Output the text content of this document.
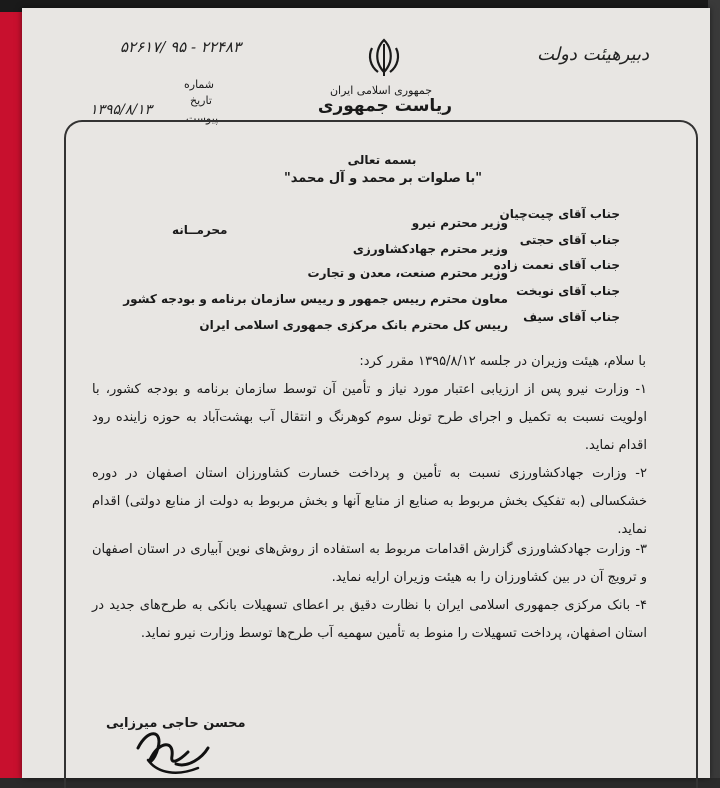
۵۲۶۱۷/ ۹۵ - ۲۲۴۸۳	دبیرهیئت دولت
جمهوری اسلامی ایران
ریاست جمهوری
شماره
تاریخ
۱۳۹۵/۸/۱۳
پیوست
بسمه تعالی
"با صلوات بر محمد و آل محمد"
محرمــانه
جناب آقای چیت‌چیان
وزیر محترم نیرو
جناب آقای حجتی
وزیر محترم جهادکشاورزی
جناب آقای نعمت زاده
وزیر محترم صنعت، معدن و تجارت
جناب آقای نوبخت
معاون محترم رییس جمهور و رییس سازمان برنامه و بودجه کشور
جناب آقای سیف
رییس کل محترم بانک مرکزی جمهوری اسلامی ایران
با سلام، هیئت وزیران در جلسه ۱۳۹۵/۸/۱۲ مقرر کرد:
۱- وزارت نیرو پس از ارزیابی اعتبار مورد نیاز و تأمین آن توسط سازمان برنامه و بودجه کشور، با اولویت نسبت به تکمیل و اجرای طرح تونل سوم کوهرنگ و انتقال آب بهشت‌آباد به حوزه زاینده رود اقدام نماید.
۲- وزارت جهادکشاورزی نسبت به تأمین و پرداخت خسارت کشاورزان استان اصفهان در دوره خشکسالی (به تفکیک بخش مربوط به صنایع از منابع آنها و بخش مربوط به دولت از منابع دولتی) اقدام نماید.
۳- وزارت جهادکشاورزی گزارش اقدامات مربوط به استفاده از روش‌های نوین آبیاری در استان اصفهان و ترویج آن در بین کشاورزان را به هیئت وزیران ارایه نماید.
۴- بانک مرکزی جمهوری اسلامی ایران با نظارت دقیق بر اعطای تسهیلات بانکی به طرح‌های جدید در استان اصفهان، پرداخت تسهیلات را منوط به تأمین سهمیه آب طرح‌ها توسط وزارت نیرو نماید.
محسن حاجی میرزایی
